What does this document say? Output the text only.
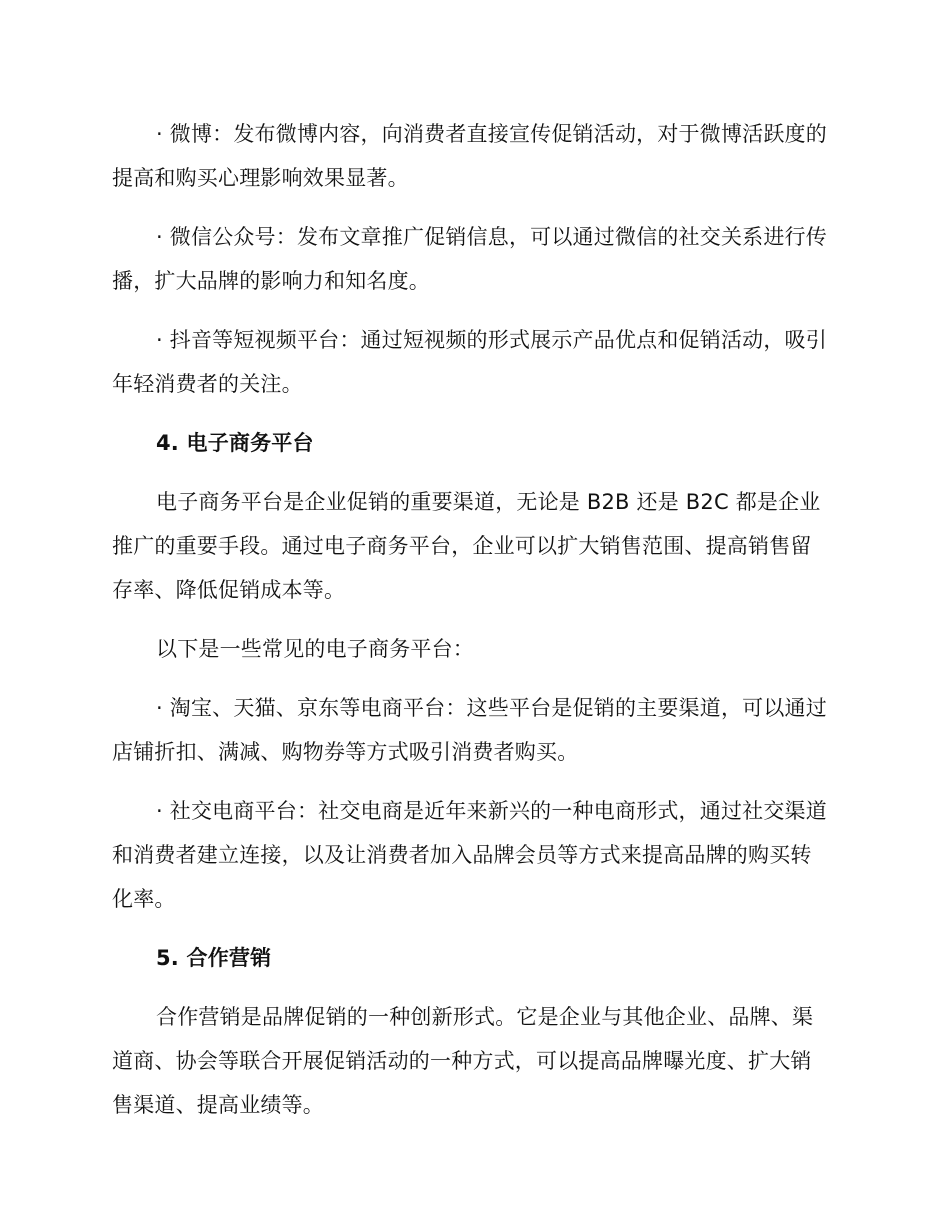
· 微博：发布微博内容，向消费者直接宣传促销活动，对于微博活跃度的提高和购买心理影响效果显著。

· 微信公众号：发布文章推广促销信息，可以通过微信的社交关系进行传播，扩大品牌的影响力和知名度。

· 抖音等短视频平台：通过短视频的形式展示产品优点和促销活动，吸引年轻消费者的关注。

4. 电子商务平台

电子商务平台是企业促销的重要渠道，无论是 B2B 还是 B2C 都是企业推广的重要手段。通过电子商务平台，企业可以扩大销售范围、提高销售留存率、降低促销成本等。

以下是一些常见的电子商务平台：

· 淘宝、天猫、京东等电商平台：这些平台是促销的主要渠道，可以通过店铺折扣、满减、购物券等方式吸引消费者购买。

· 社交电商平台：社交电商是近年来新兴的一种电商形式，通过社交渠道和消费者建立连接，以及让消费者加入品牌会员等方式来提高品牌的购买转化率。

5. 合作营销

合作营销是品牌促销的一种创新形式。它是企业与其他企业、品牌、渠道商、协会等联合开展促销活动的一种方式，可以提高品牌曝光度、扩大销售渠道、提高业绩等。
